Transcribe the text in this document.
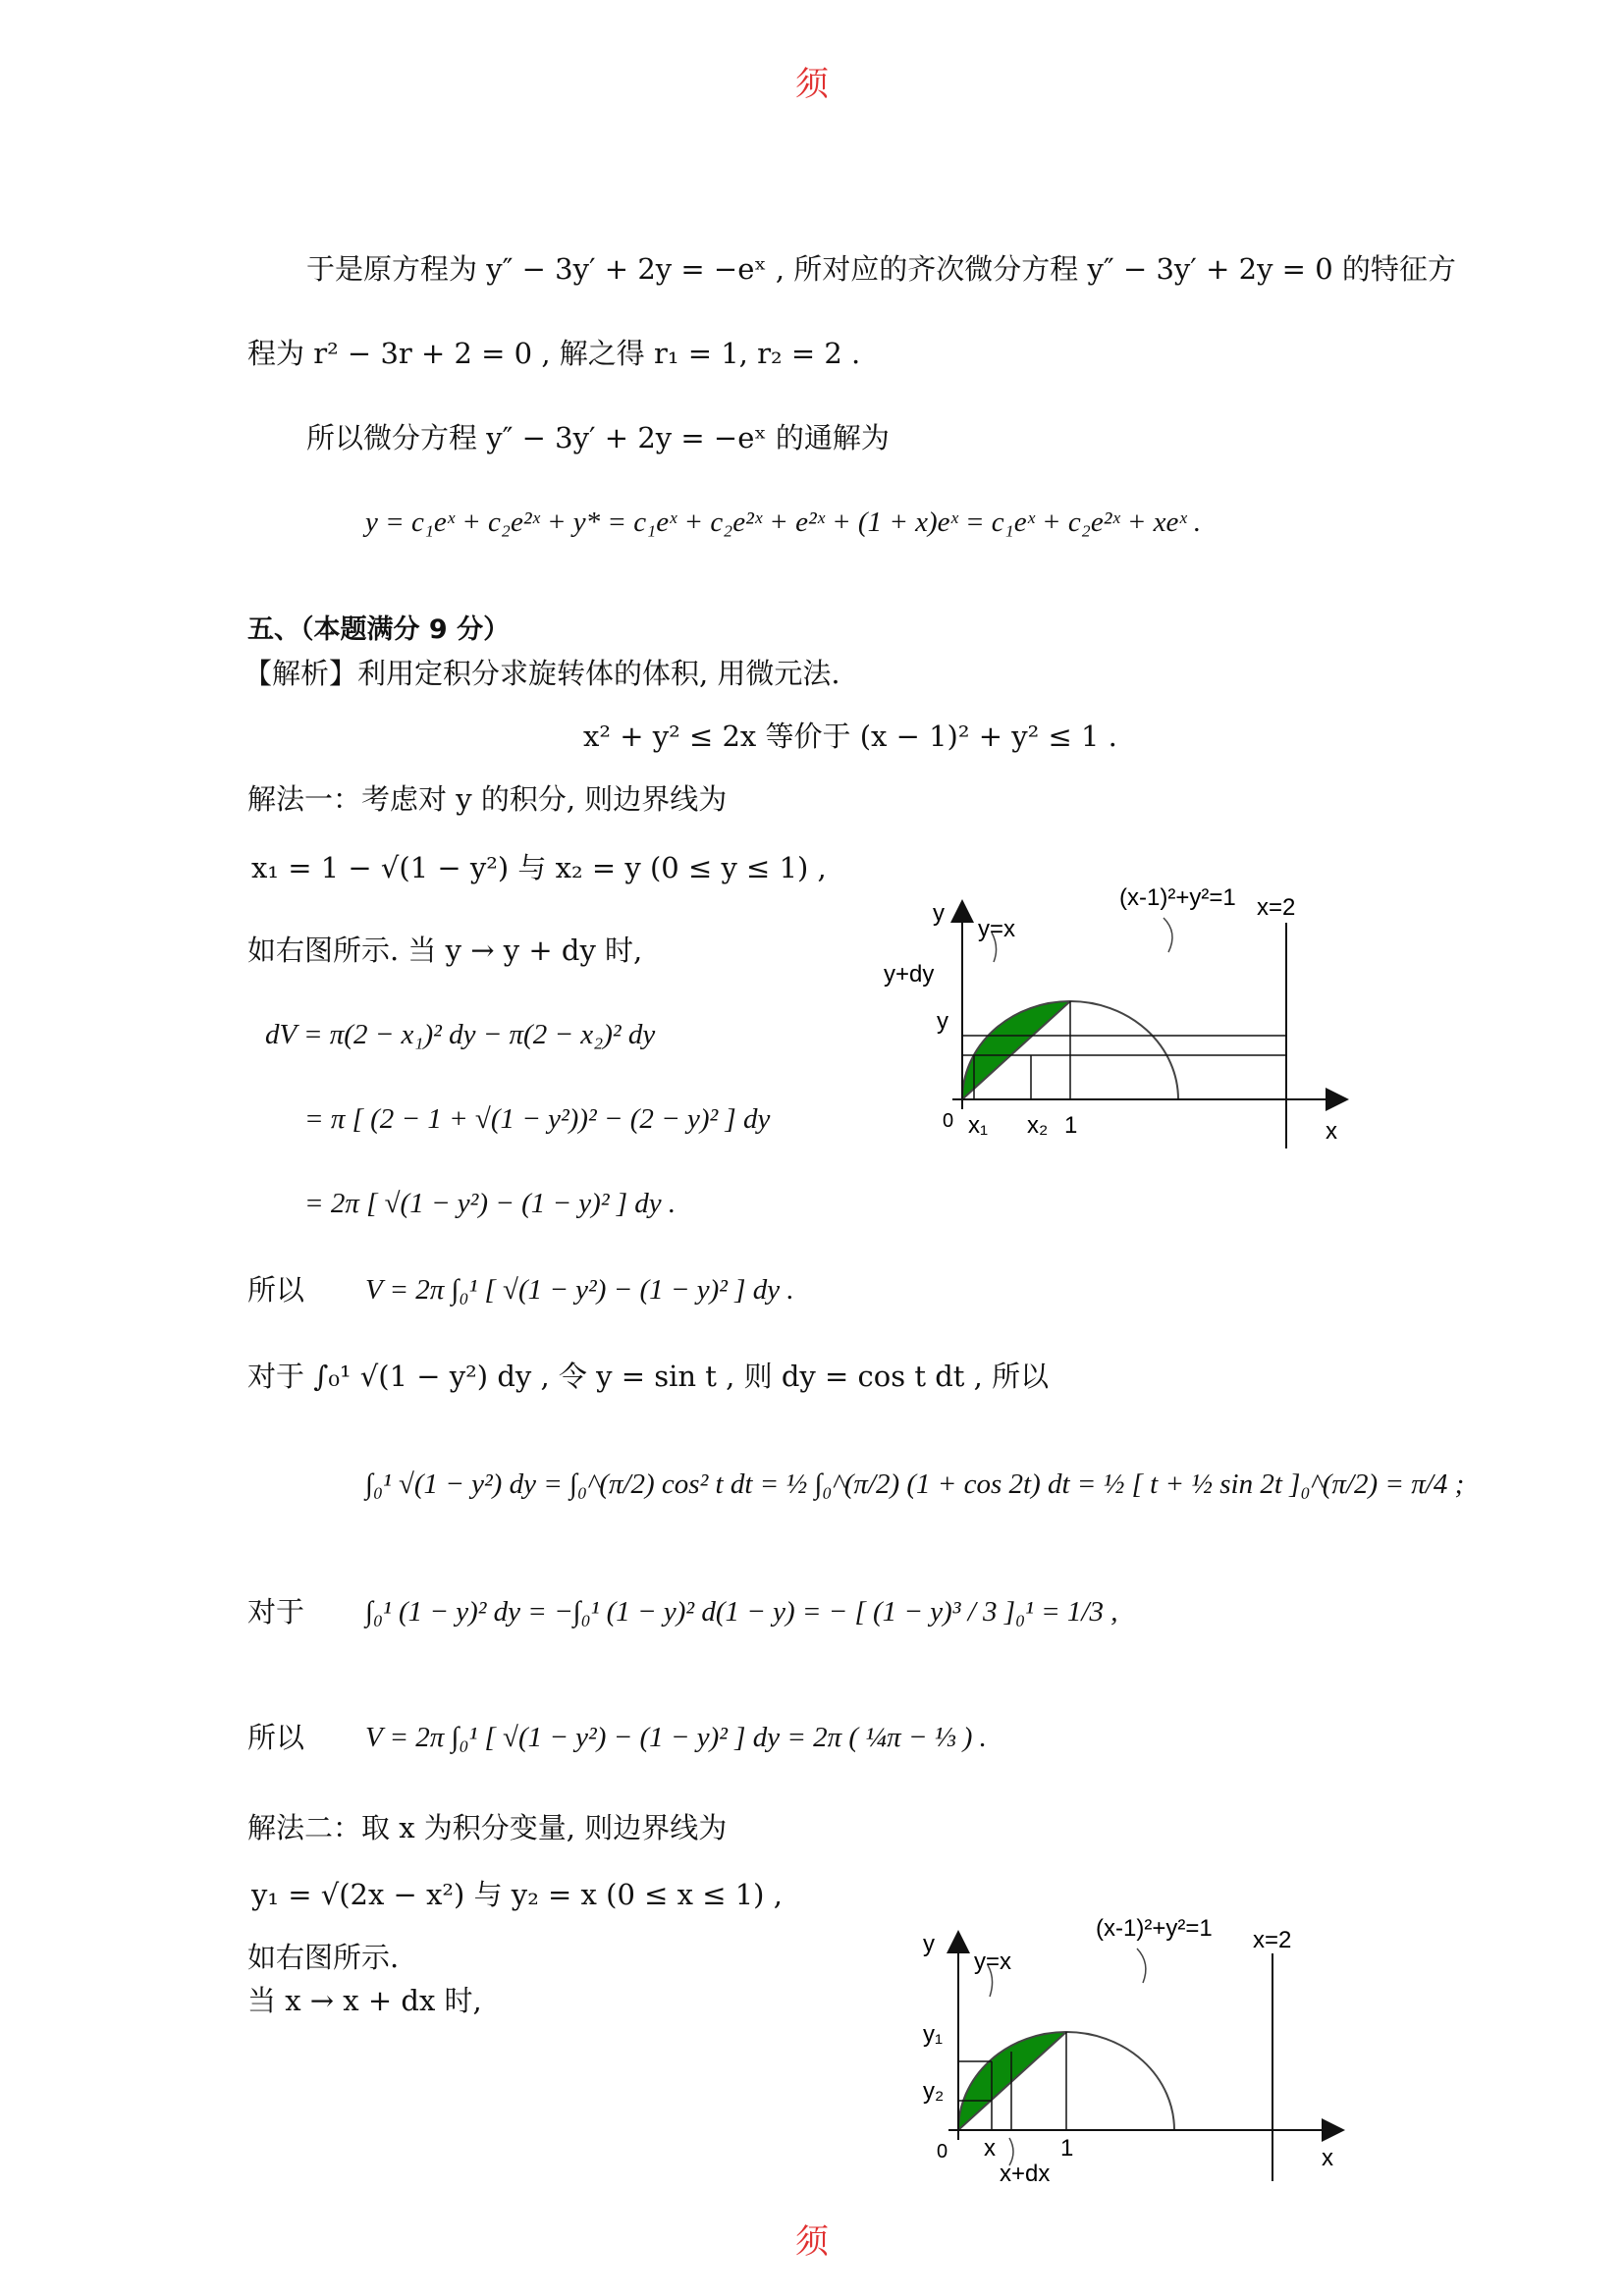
须
于是原方程为 y″ − 3y′ + 2y = −eˣ , 所对应的齐次微分方程 y″ − 3y′ + 2y = 0 的特征方
程为 r² − 3r + 2 = 0 , 解之得 r₁ = 1, r₂ = 2 .
所以微分方程 y″ − 3y′ + 2y = −eˣ 的通解为
y = c₁eˣ + c₂e²ˣ + y* = c₁eˣ + c₂e²ˣ + e²ˣ + (1 + x)eˣ = c₁eˣ + c₂e²ˣ + xeˣ .
五、（本题满分 9 分）
【解析】利用定积分求旋转体的体积, 用微元法.
x² + y² ≤ 2x 等价于 (x − 1)² + y² ≤ 1 .
解法一：考虑对 y 的积分, 则边界线为
x₁ = 1 − √(1 − y²) 与 x₂ = y (0 ≤ y ≤ 1) ,
如右图所示. 当 y → y + dy 时,
dV = π(2 − x₁)² dy − π(2 − x₂)² dy
= π [ (2 − 1 + √(1 − y²))² − (2 − y)² ] dy
= 2π [ √(1 − y²) − (1 − y)² ] dy .
所以 V = 2π ∫₀¹ [ √(1 − y²) − (1 − y)² ] dy .
对于 ∫₀¹ √(1 − y²) dy , 令 y = sin t , 则 dy = cos t dt , 所以
∫₀¹ √(1 − y²) dy = ∫₀^(π/2) cos² t dt = ½ ∫₀^(π/2) (1 + cos 2t) dt = ½ [ t + ½ sin 2t ]₀^(π/2) = π/4 ;
对于 ∫₀¹ (1 − y)² dy = −∫₀¹ (1 − y)² d(1 − y) = − [ (1 − y)³ / 3 ]₀¹ = 1/3 ,
所以 V = 2π ∫₀¹ [ √(1 − y²) − (1 − y)² ] dy = 2π ( ¼π − ⅓ ) .
解法二：取 x 为积分变量, 则边界线为
y₁ = √(2x − x²) 与 y₂ = x (0 ≤ x ≤ 1) ,
如右图所示.
当 x → x + dx 时,
(x-1)²+y²=1
y=x
x=2
y
y+dy
y
0 x₁ x₂ 1	x
(x-1)²+y²=1
y=x
x=2
y
y₁
y₂
0 x
x+dx
1	x
须
